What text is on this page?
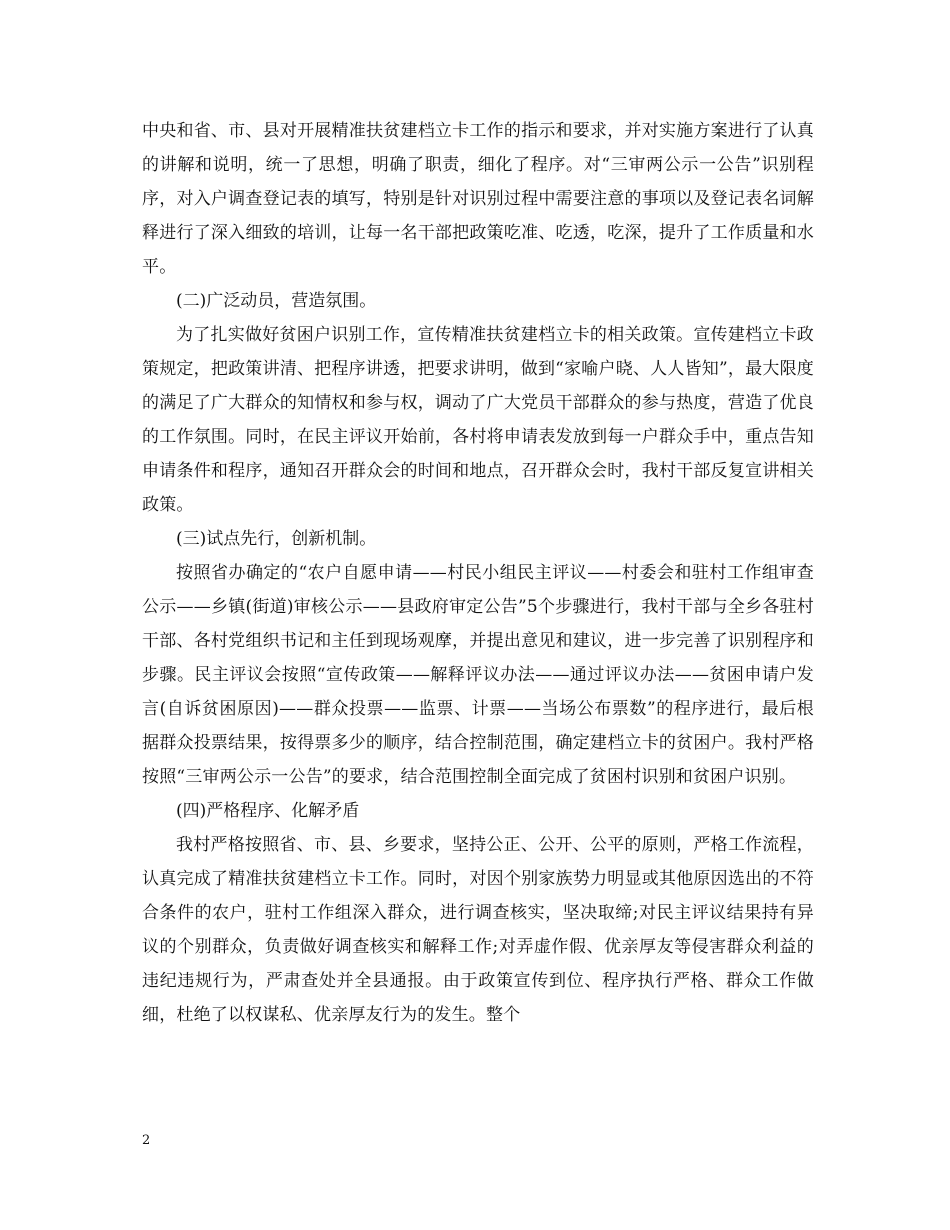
中央和省、市、县对开展精准扶贫建档立卡工作的指示和要求，并对实施方案进行了认真的讲解和说明，统一了思想，明确了职责，细化了程序。对“三审两公示一公告”识别程序，对入户调查登记表的填写，特别是针对识别过程中需要注意的事项以及登记表名词解释进行了深入细致的培训，让每一名干部把政策吃准、吃透，吃深，提升了工作质量和水平。

(二)广泛动员，营造氛围。

为了扎实做好贫困户识别工作，宣传精准扶贫建档立卡的相关政策。宣传建档立卡政策规定，把政策讲清、把程序讲透，把要求讲明，做到“家喻户晓、人人皆知”，最大限度的满足了广大群众的知情权和参与权，调动了广大党员干部群众的参与热度，营造了优良的工作氛围。同时，在民主评议开始前，各村将申请表发放到每一户群众手中，重点告知申请条件和程序，通知召开群众会的时间和地点，召开群众会时，我村干部反复宣讲相关政策。

(三)试点先行，创新机制。

按照省办确定的“农户自愿申请——村民小组民主评议——村委会和驻村工作组审查公示——乡镇(街道)审核公示——县政府审定公告”5个步骤进行，我村干部与全乡各驻村干部、各村党组织书记和主任到现场观摩，并提出意见和建议，进一步完善了识别程序和步骤。民主评议会按照“宣传政策——解释评议办法——通过评议办法——贫困申请户发言(自诉贫困原因)——群众投票——监票、计票——当场公布票数”的程序进行，最后根据群众投票结果，按得票多少的顺序，结合控制范围，确定建档立卡的贫困户。我村严格按照“三审两公示一公告”的要求，结合范围控制全面完成了贫困村识别和贫困户识别。

(四)严格程序、化解矛盾

我村严格按照省、市、县、乡要求，坚持公正、公开、公平的原则，严格工作流程，认真完成了精准扶贫建档立卡工作。同时，对因个别家族势力明显或其他原因选出的不符合条件的农户，驻村工作组深入群众，进行调查核实，坚决取缔;对民主评议结果持有异议的个别群众，负责做好调查核实和解释工作;对弄虚作假、优亲厚友等侵害群众利益的违纪违规行为，严肃查处并全县通报。由于政策宣传到位、程序执行严格、群众工作做细，杜绝了以权谋私、优亲厚友行为的发生。整个

2
